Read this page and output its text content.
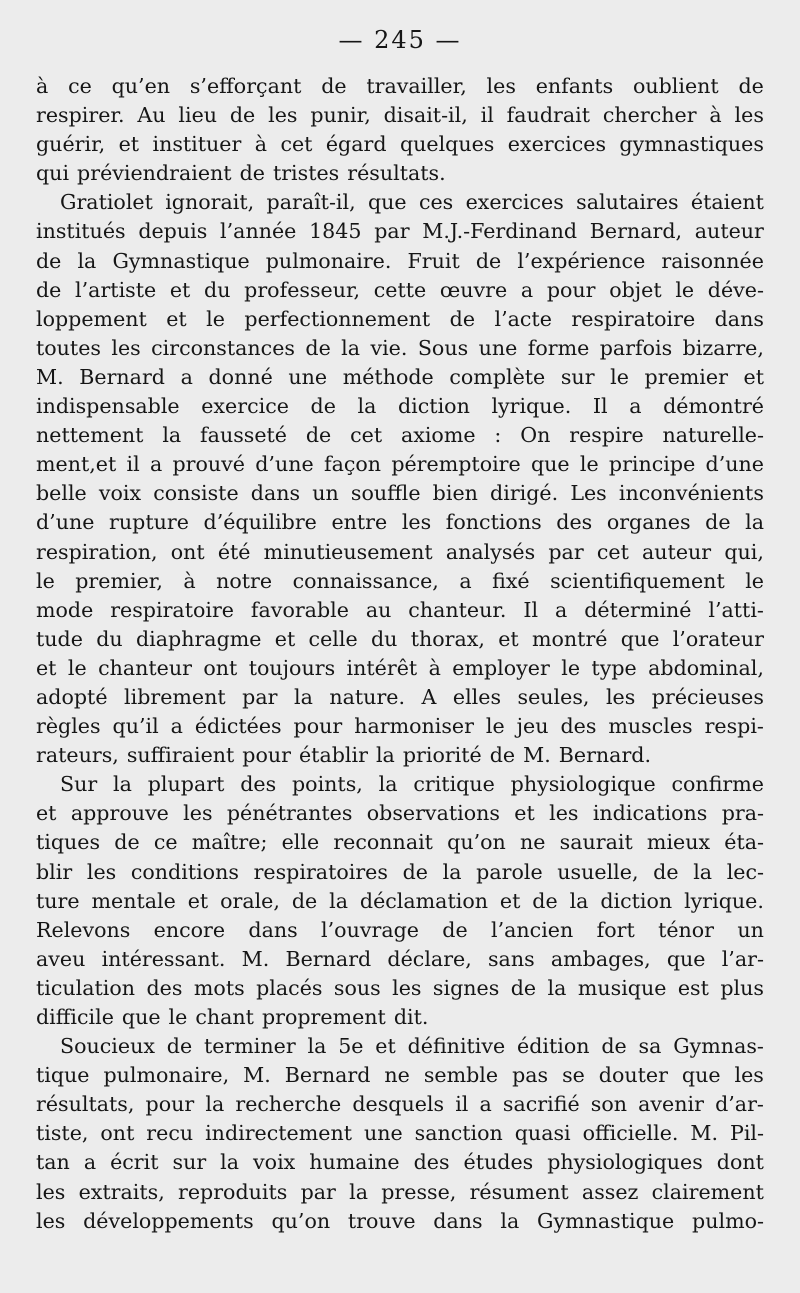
— 245 —
à ce qu’en s’efforçant de travailler, les enfants oublient de
respirer. Au lieu de les punir, disait-il, il faudrait chercher à les
guérir, et instituer à cet égard quelques exercices gymnastiques
qui préviendraient de tristes résultats.
Gratiolet ignorait, paraît-il, que ces exercices salutaires étaient
institués depuis l’année 1845 par M.J.-Ferdinand Bernard, auteur
de la Gymnastique pulmonaire. Fruit de l’expérience raisonnée
de l’artiste et du professeur, cette œuvre a pour objet le déve-
loppement et le perfectionnement de l’acte respiratoire dans
toutes les circonstances de la vie. Sous une forme parfois bizarre,
M. Bernard a donné une méthode complète sur le premier et
indispensable exercice de la diction lyrique. Il a démontré
nettement la fausseté de cet axiome : On respire naturelle-
ment,et il a prouvé d’une façon péremptoire que le principe d’une
belle voix consiste dans un souffle bien dirigé. Les inconvénients
d’une rupture d’équilibre entre les fonctions des organes de la
respiration, ont été minutieusement analysés par cet auteur qui,
le premier, à notre connaissance, a fixé scientifiquement le
mode respiratoire favorable au chanteur. Il a déterminé l’atti-
tude du diaphragme et celle du thorax, et montré que l’orateur
et le chanteur ont toujours intérêt à employer le type abdominal,
adopté librement par la nature. A elles seules, les précieuses
règles qu’il a édictées pour harmoniser le jeu des muscles respi-
rateurs, suffiraient pour établir la priorité de M. Bernard.
Sur la plupart des points, la critique physiologique confirme
et approuve les pénétrantes observations et les indications pra-
tiques de ce maître; elle reconnait qu’on ne saurait mieux éta-
blir les conditions respiratoires de la parole usuelle, de la lec-
ture mentale et orale, de la déclamation et de la diction lyrique.
Relevons encore dans l’ouvrage de l’ancien fort ténor un
aveu intéressant. M. Bernard déclare, sans ambages, que l’ar-
ticulation des mots placés sous les signes de la musique est plus
difficile que le chant proprement dit.
Soucieux de terminer la 5e et définitive édition de sa Gymnas-
tique pulmonaire, M. Bernard ne semble pas se douter que les
résultats, pour la recherche desquels il a sacrifié son avenir d’ar-
tiste, ont recu indirectement une sanction quasi officielle. M. Pil-
tan a écrit sur la voix humaine des études physiologiques dont
les extraits, reproduits par la presse, résument assez clairement
les développements qu’on trouve dans la Gymnastique pulmo-
